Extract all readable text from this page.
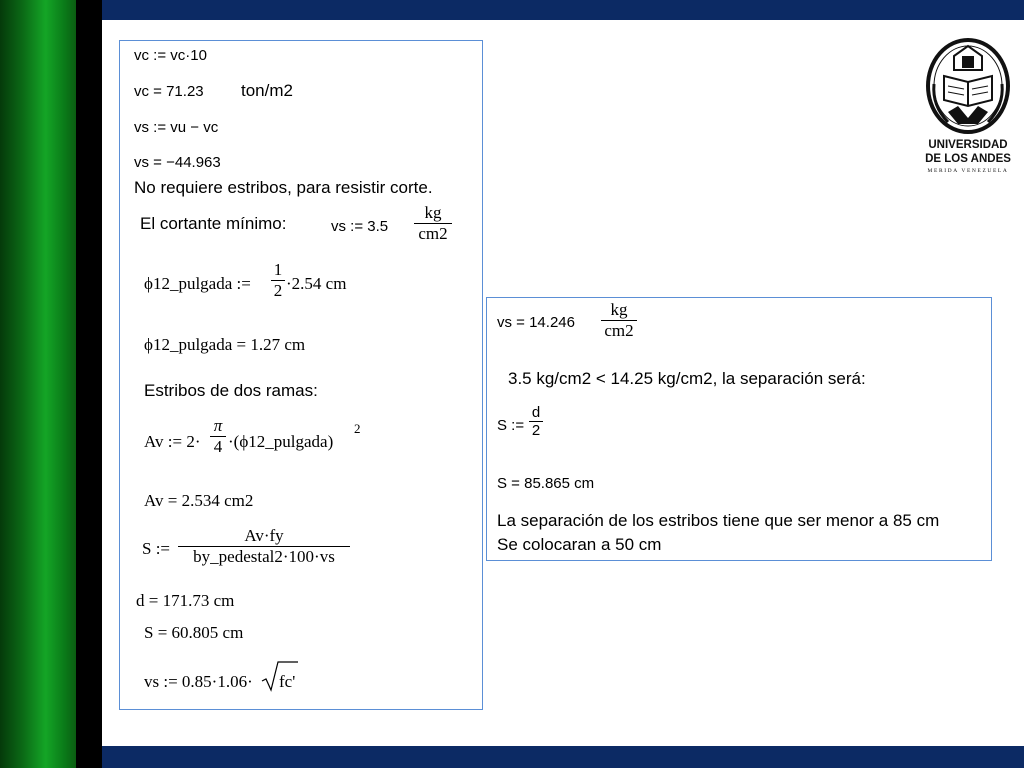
vc := vc·10
vc = 71.23 ton/m2
vs := vu − vc
vs = −44.963
No requiere estribos, para resistir corte.
El cortante mínimo:	vs := 3.5
kg
cm2
ϕ12_pulgada :=
1
2 ·2.54 cm
ϕ12_pulgada = 1.27 cm
Estribos de dos ramas:
Av := 2·
π
4 ·(ϕ12_pulgada)
2
Av = 2.534 cm2
S :=
Av·fy
by_pedestal2·100·vs
d = 171.73 cm
S = 60.805 cm
vs := 0.85·1.06· fc'
vs = 14.246
kg
cm2
3.5 kg/cm2 < 14.25 kg/cm2, la separación será:
S :=
d
2
S = 85.865 cm
La separación de los estribos tiene que ser menor a 85 cm
Se colocaran a 50 cm
UNIVERSIDAD
DE LOS ANDES
MERIDA VENEZUELA
